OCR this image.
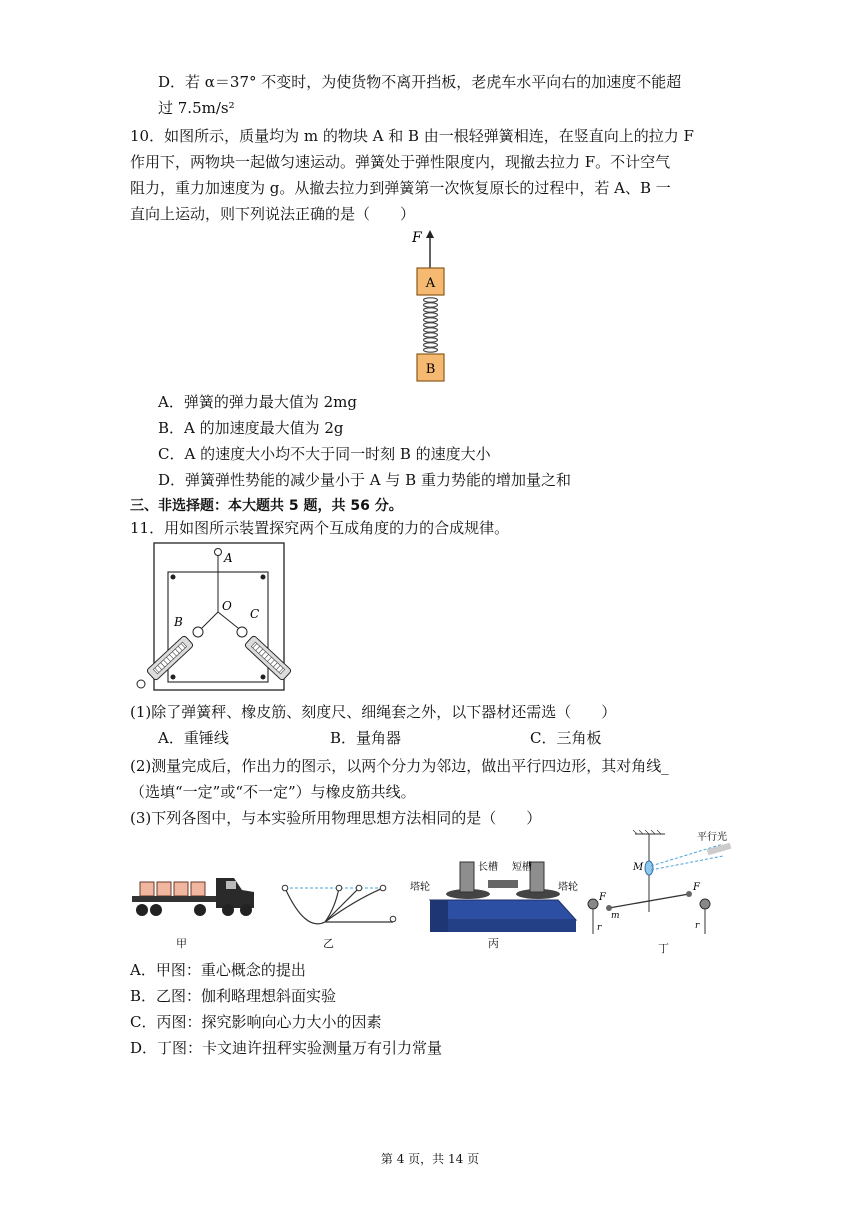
D．若 α＝37° 不变时，为使货物不离开挡板，老虎车水平向右的加速度不能超
过 7.5m/s²
10．如图所示，质量均为 m 的物块 A 和 B 由一根轻弹簧相连，在竖直向上的拉力 F
作用下，两物块一起做匀速运动。弹簧处于弹性限度内，现撤去拉力 F。不计空气
阻力，重力加速度为 g。从撤去拉力到弹簧第一次恢复原长的过程中，若 A、B 一
直向上运动，则下列说法正确的是（　　）
F
A
B
A．弹簧的弹力最大值为 2mg
B．A 的加速度最大值为 2g
C．A 的速度大小均不大于同一时刻 B 的速度大小
D．弹簧弹性势能的减少量小于 A 与 B 重力势能的增加量之和
三、非选择题：本大题共 5 题，共 56 分。
11．用如图所示装置探究两个互成角度的力的合成规律。
A
O
B
C
(1)除了弹簧秤、橡皮筋、刻度尺、细绳套之外，以下器材还需选（　　）
A．重锤线	B．量角器	C．三角板
(2)测量完成后，作出力的图示，以两个分力为邻边，做出平行四边形，其对角线_
（选填“一定”或“不一定”）与橡皮筋共线。
(3)下列各图中，与本实验所用物理思想方法相同的是（　　）
甲	乙
塔轮
长槽 短槽
塔轮
丙
M
平行光
F
F
m
r	r
丁
A．甲图：重心概念的提出
B．乙图：伽利略理想斜面实验
C．丙图：探究影响向心力大小的因素
D．丁图：卡文迪许扭秤实验测量万有引力常量
第 4 页，共 14 页
